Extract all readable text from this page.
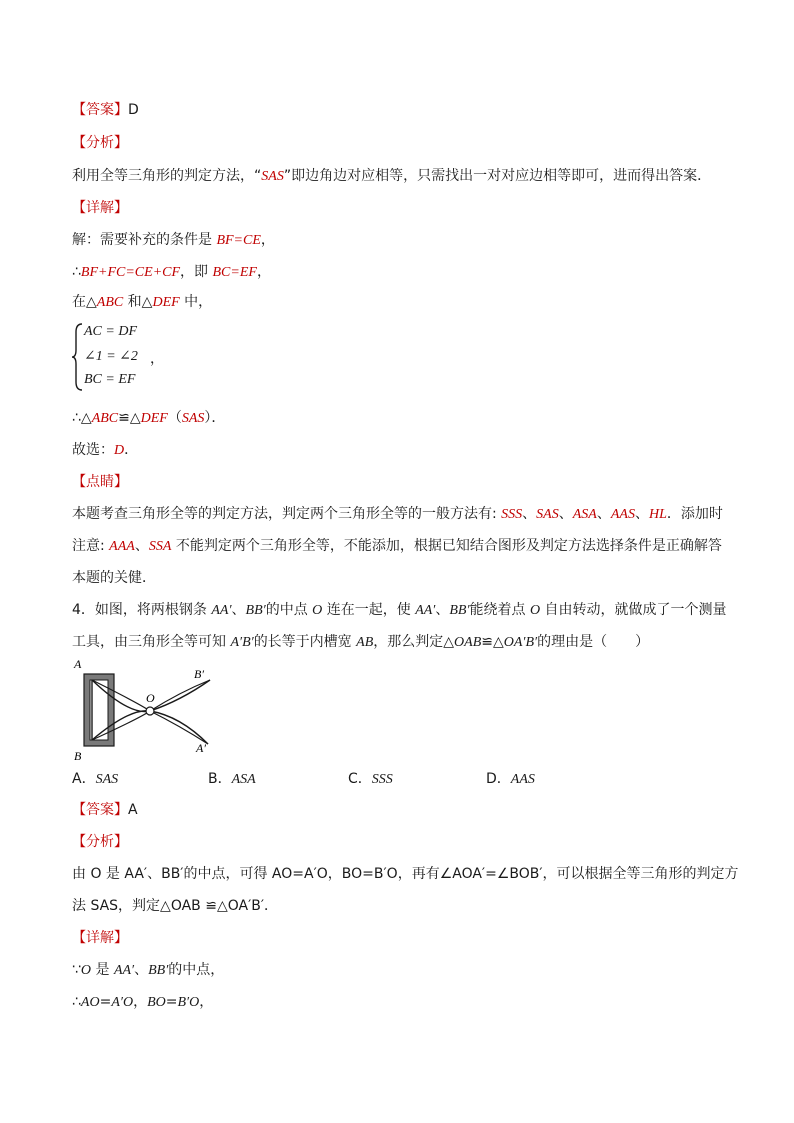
【答案】D
【分析】
利用全等三角形的判定方法，“SAS”即边角边对应相等，只需找出一对对应边相等即可，进而得出答案．
【详解】
解：需要补充的条件是 BF=CE，
∴BF+FC=CE+CF，即 BC=EF，
在△ABC 和△DEF 中，
AC = DF
∠1 = ∠2
BC = EF
，
∴△ABC≌△DEF（SAS）．
故选：D．
【点睛】
本题考查三角形全等的判定方法，判定两个三角形全等的一般方法有: SSS、SAS、ASA、AAS、HL．添加时
注意: AAA、SSA 不能判定两个三角形全等，不能添加，根据已知结合图形及判定方法选择条件是正确解答
本题的关健．
4．如图，将两根钢条 AA′、BB′的中点 O 连在一起，使 AA′、BB′能绕着点 O 自由转动，就做成了一个测量
工具，由三角形全等可知 A′B′的长等于内槽宽 AB，那么判定△OAB≌△OA′B′的理由是（　　）
A
B
O
B′
A′
A．SAS	B．ASA	C．SSS	D．AAS
【答案】A
【分析】
由 O 是 AA′、BB′的中点，可得 AO=A′O，BO=B′O，再有∠AOA′=∠BOB′，可以根据全等三角形的判定方
法 SAS，判定△OAB ≌△OA′B′．
【详解】
∵O 是 AA′、BB′的中点，
∴AO=A′O，BO=B′O，
